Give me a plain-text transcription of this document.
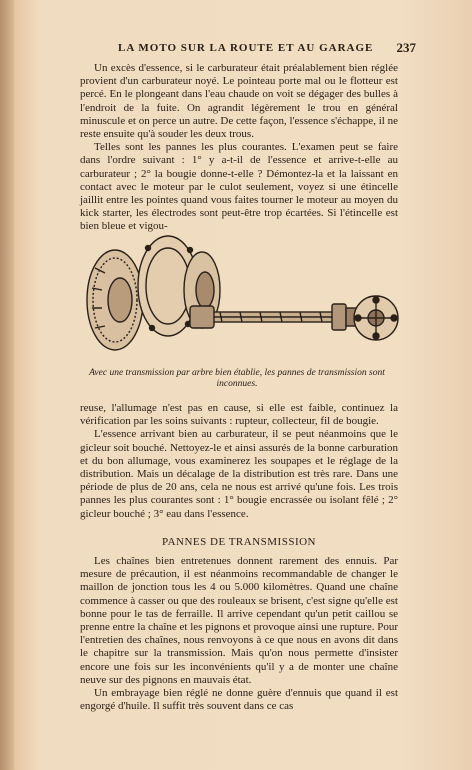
LA MOTO SUR LA ROUTE ET AU GARAGE 237

Un excès d'essence, si le carburateur était préalablement bien réglée provient d'un carburateur noyé. Le pointeau porte mal ou le flotteur est percé. En le plongeant dans l'eau chaude on voit se dégager des bulles à l'endroit de la fuite. On agrandit légèrement le trou en général minuscule et on perce un autre. De cette façon, l'essence s'échappe, il ne reste ensuite qu'à souder les deux trous.

Telles sont les pannes les plus courantes. L'examen peut se faire dans l'ordre suivant : 1° y a-t-il de l'essence et arrive-t-elle au carburateur ; 2° la bougie donne-t-elle ? Démontez-la et la laissant en contact avec le moteur par le culot seulement, voyez si une étincelle jaillit entre les pointes quand vous faites tourner le moteur au moyen du kick starter, les électrodes sont peut-être trop écartées. Si l'étincelle est bien bleue et vigou-

Avec une transmission par arbre bien établie, les pannes de transmission sont inconnues.

reuse, l'allumage n'est pas en cause, si elle est faible, continuez la vérification par les soins suivants : rupteur, collecteur, fil de bougie.

L'essence arrivant bien au carburateur, il se peut néanmoins que le gicleur soit bouché. Nettoyez-le et ainsi assurés de la bonne carburation et du bon allumage, vous examinerez les soupapes et le réglage de la distribution. Mais un décalage de la distribution est très rare. Dans une période de plus de 20 ans, cela ne nous est arrivé qu'une fois. Les trois pannes les plus courantes sont : 1° bougie encrassée ou isolant fêlé ; 2° gicleur bouché ; 3° eau dans l'essence.

PANNES DE TRANSMISSION

Les chaînes bien entretenues donnent rarement des ennuis. Par mesure de précaution, il est néanmoins recommandable de changer le maillon de jonction tous les 4 ou 5.000 kilomètres. Quand une chaîne commence à casser ou que des rouleaux se brisent, c'est signe qu'elle est bonne pour le tas de ferraille. Il arrive cependant qu'un petit caillou se prenne entre la chaîne et les pignons et provoque ainsi une rupture. Pour l'entretien des chaînes, nous renvoyons à ce que nous en avons dit dans le chapitre sur la transmission. Mais qu'on nous permette d'insister encore une fois sur les inconvénients qu'il y a de monter une chaîne neuve sur des pignons en mauvais état.

Un embrayage bien réglé ne donne guère d'ennuis que quand il est engorgé d'huile. Il suffit très souvent dans ce cas
